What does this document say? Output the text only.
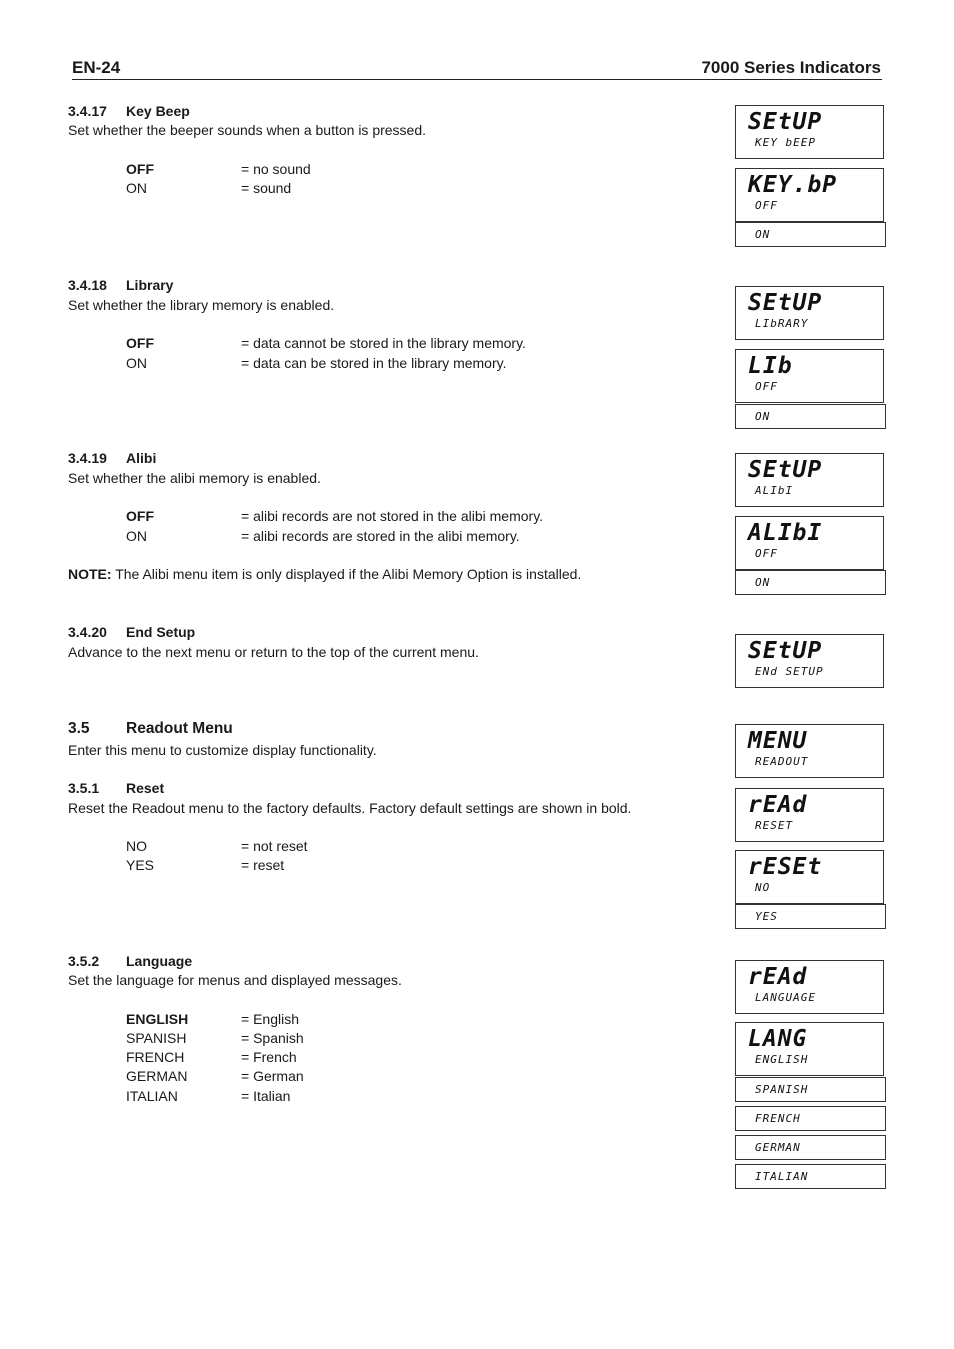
EN-24	7000 Series Indicators
3.4.17 Key Beep
Set whether the beeper sounds when a button is pressed.
OFF	= no sound
ON	= sound
3.4.18 Library
Set whether the library memory is enabled.
OFF	= data cannot be stored in the library memory.
ON	= data can be stored in the library memory.
3.4.19 Alibi
Set whether the alibi memory is enabled.
OFF	= alibi records are not stored in the alibi memory.
ON	= alibi records are stored in the alibi memory.
NOTE: The Alibi menu item is only displayed if the Alibi Memory Option is installed.
3.4.20 End Setup
Advance to the next menu or return to the top of the current menu.
3.5 Readout Menu
Enter this menu to customize display functionality.
3.5.1 Reset
Reset the Readout menu to the factory defaults. Factory default settings are shown in bold.
NO	= not reset
YES	= reset
3.5.2 Language
Set the language for menus and displayed messages.
ENGLISH	= English
SPANISH	= Spanish
FRENCH	= French
GERMAN	= German
ITALIAN	= Italian
SEtUP
KEY bEEP
KEY.bP
OFF
ON
SEtUP
LIbRARY
LIb
OFF
ON
SEtUP
ALIbI
ALIbI
OFF
ON
SEtUP
ENd SETUP
MENU
READOUT
rEAd
RESET
rESEt
NO
YES
rEAd
LANGUAGE
LANG
ENGLISH
SPANISH
FRENCH
GERMAN
ITALIAN
